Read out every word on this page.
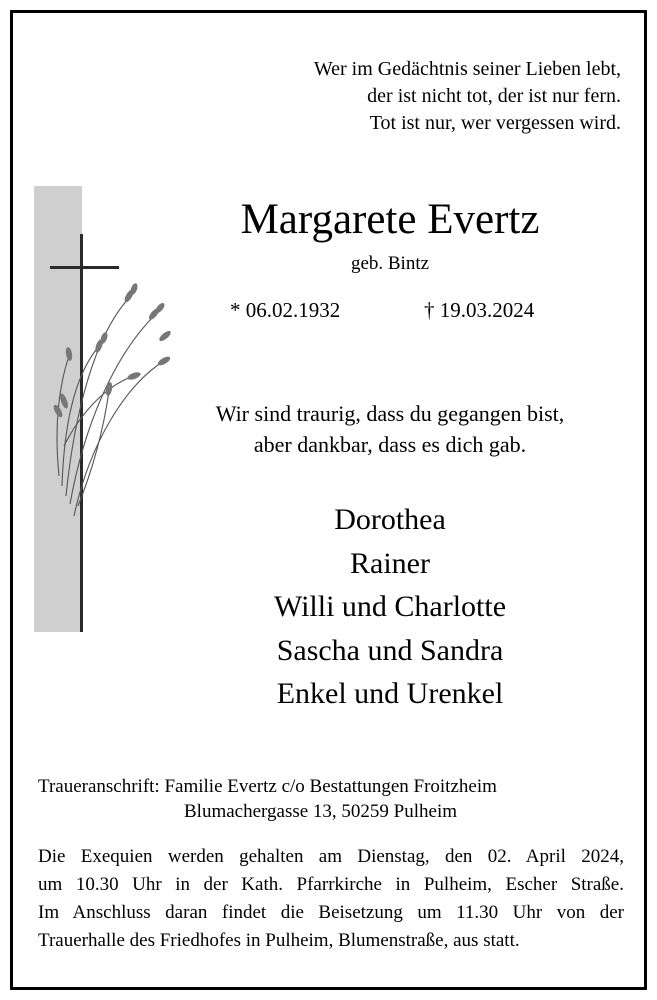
Wer im Gedächtnis seiner Lieben lebt,
der ist nicht tot, der ist nur fern.
Tot ist nur, wer vergessen wird.
Margarete Evertz
geb. Bintz
* 06.02.1932	† 19.03.2024
Wir sind traurig, dass du gegangen bist,
aber dankbar, dass es dich gab.
Dorothea
Rainer
Willi und Charlotte
Sascha und Sandra
Enkel und Urenkel
Traueranschrift: Familie Evertz c/o Bestattungen Froitzheim
Blumachergasse 13, 50259 Pulheim
Die Exequien werden gehalten am Dienstag, den 02. April 2024,
um 10.30 Uhr in der Kath. Pfarrkirche in Pulheim, Escher Straße.
Im Anschluss daran findet die Beisetzung um 11.30 Uhr von der
Trauerhalle des Friedhofes in Pulheim, Blumenstraße, aus statt.
